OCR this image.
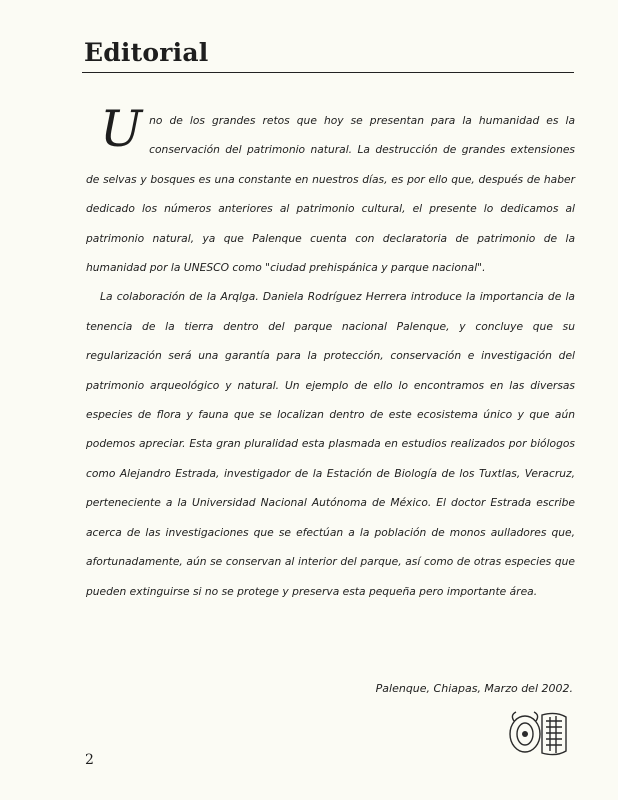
Editorial

Uno de los grandes retos que hoy se presentan para la humanidad es la conservación del patrimonio natural. La destrucción de grandes extensiones de selvas y bosques es una constante en nuestros días, es por ello que, después de haber dedicado los números anteriores al patrimonio cultural, el presente lo dedicamos al patrimonio natural, ya que Palenque cuenta con declaratoria de patrimonio de la humanidad por la UNESCO como "ciudad prehispánica y parque nacional".

La colaboración de la Arqlga. Daniela Rodríguez Herrera introduce la importancia de la tenencia de la tierra dentro del parque nacional Palenque, y concluye que su regularización será una garantía para la protección, conservación e investigación del patrimonio arqueológico y natural. Un ejemplo de ello lo encontramos en las diversas especies de flora y fauna que se localizan dentro de este ecosistema único y que aún podemos apreciar. Esta gran pluralidad esta plasmada en estudios realizados por biólogos como Alejandro Estrada, investigador de la Estación de Biología de los Tuxtlas, Veracruz, perteneciente a la Universidad Nacional Autónoma de México. El doctor Estrada escribe acerca de las investigaciones que se efectúan a la población de monos aulladores que, afortunadamente, aún se conservan al interior del parque, así como de otras especies que pueden extinguirse si no se protege y preserva esta pequeña pero importante área.

Palenque, Chiapas, Marzo del 2002.
2
